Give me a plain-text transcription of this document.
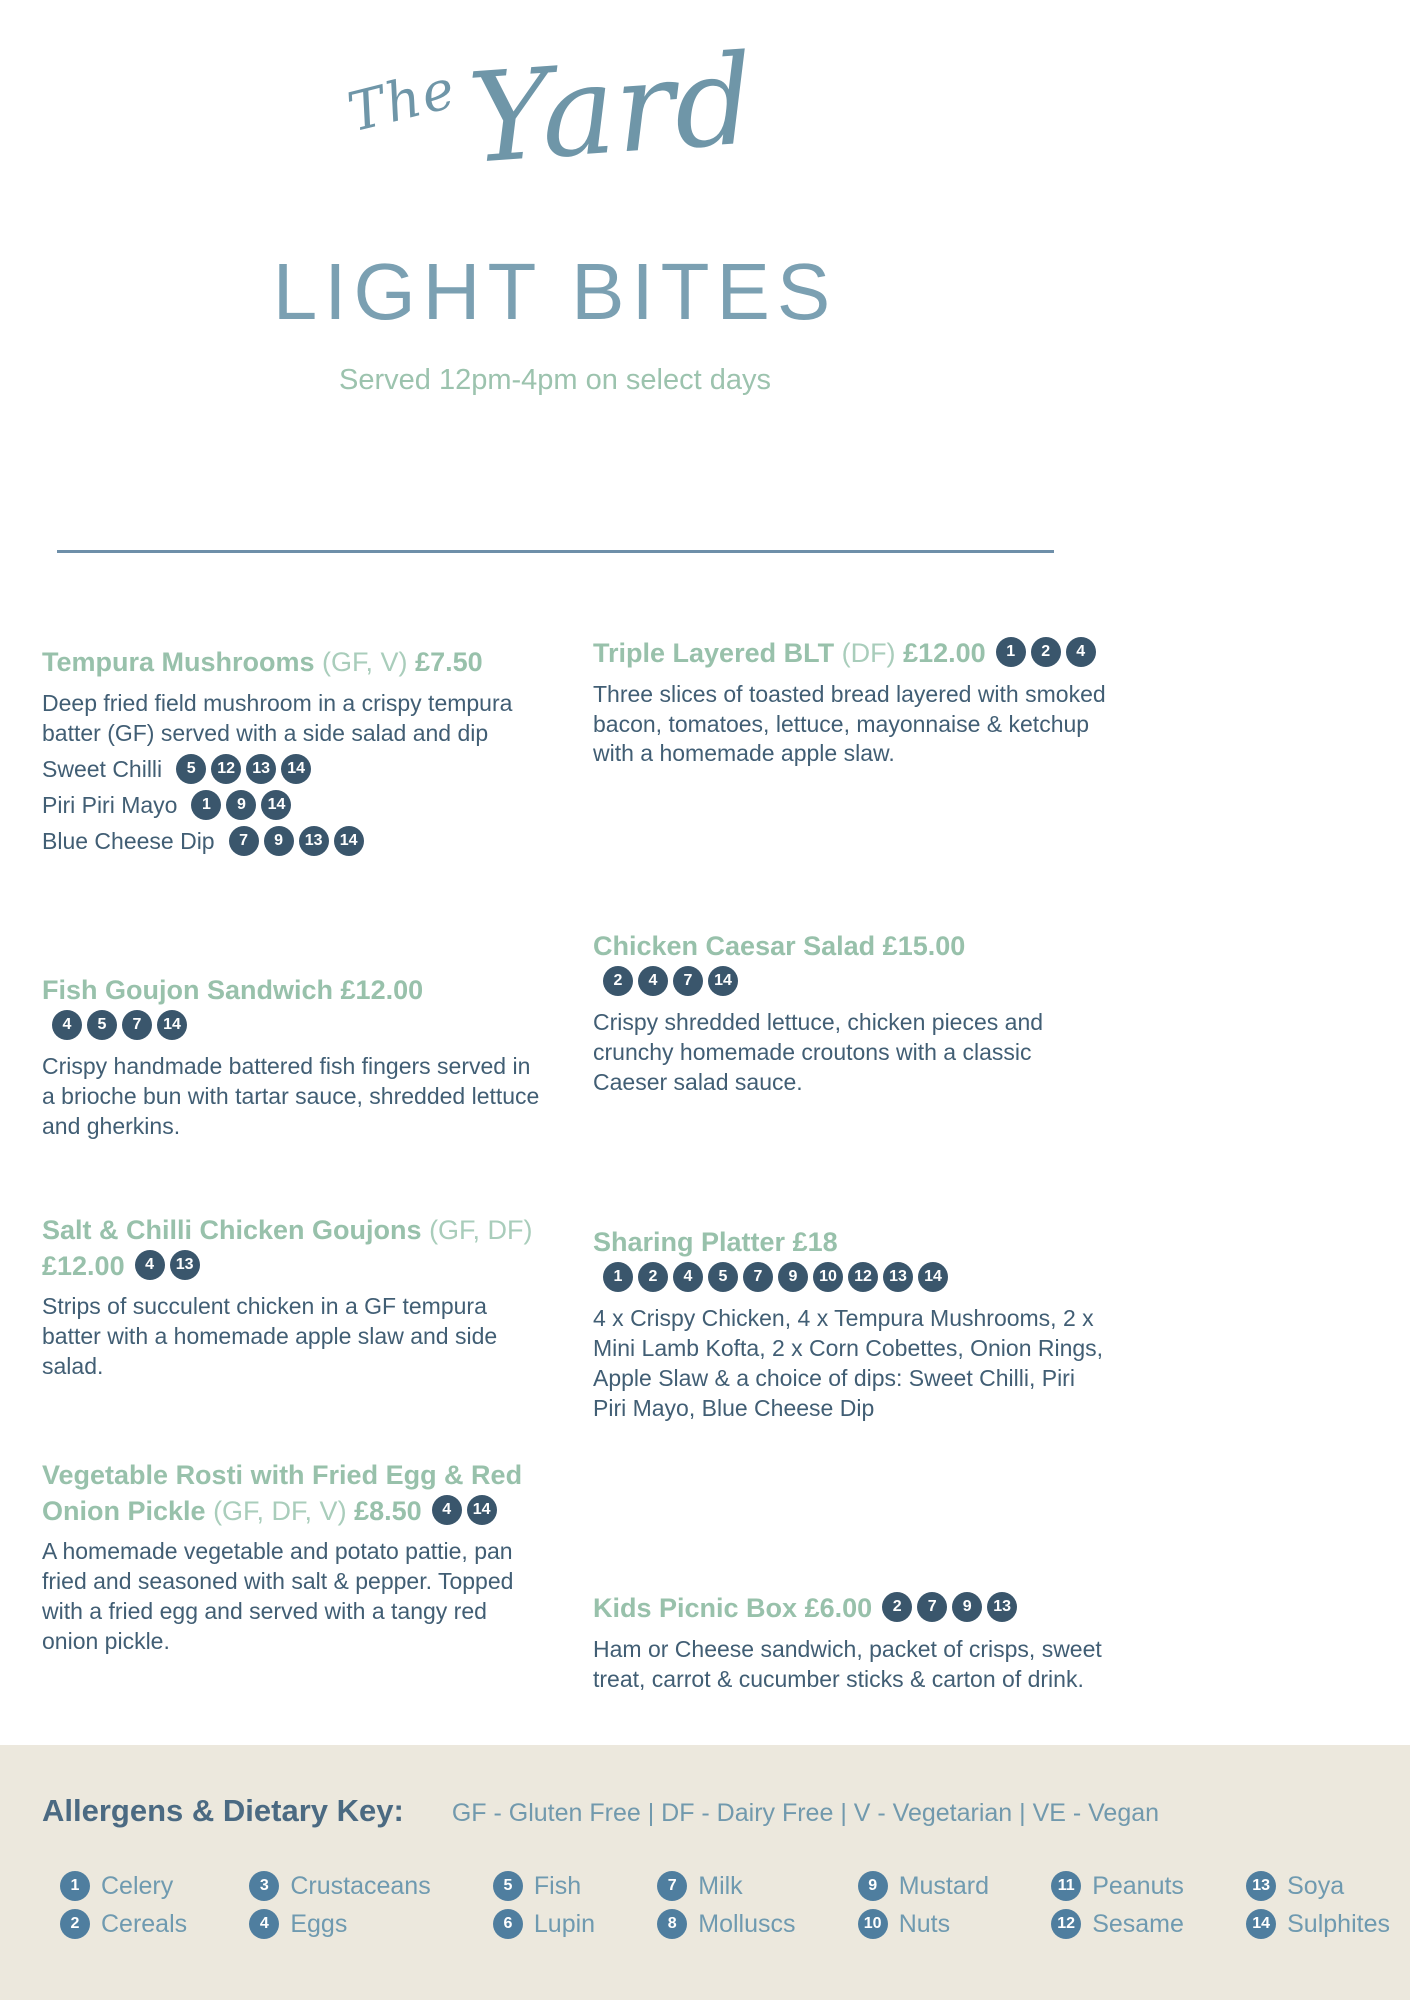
TheYard
LIGHT BITES

Served 12pm-4pm on select days

Tempura Mushrooms (GF, V) £7.50

Deep fried field mushroom in a crispy tempura batter (GF) served with a side salad and dip

Sweet Chilli	5	12	13	14
Piri Piri Mayo	1	9	14
Blue Cheese Dip	7	9	13	14
Fish Goujon Sandwich £12.00
4	5	7	14

Crispy handmade battered fish fingers served in a brioche bun with tartar sauce, shredded lettuce and gherkins.

Salt & Chilli Chicken Goujons (GF, DF) £12.00	4	13

Strips of succulent chicken in a GF tempura batter with a homemade apple slaw and side salad.

Vegetable Rosti with Fried Egg & Red Onion Pickle (GF, DF, V) £8.50	4	14

A homemade vegetable and potato pattie, pan fried and seasoned with salt & pepper. Topped with a fried egg and served with a tangy red onion pickle.

Triple Layered BLT (DF) £12.00	1	2	4

Three slices of toasted bread layered with smoked bacon, tomatoes, lettuce, mayonnaise & ketchup with a homemade apple slaw.

Chicken Caesar Salad £15.00
2	4	7	14

Crispy shredded lettuce, chicken pieces and crunchy homemade croutons with a classic Caeser salad sauce.

Sharing Platter £18
1	2	4	5	7	9	10	12	13	14

4 x Crispy Chicken, 4 x Tempura Mushrooms, 2 x Mini Lamb Kofta, 2 x Corn Cobettes, Onion Rings, Apple Slaw & a choice of dips: Sweet Chilli, Piri Piri Mayo, Blue Cheese Dip

Kids Picnic Box £6.00	2	7	9	13

Ham or Cheese sandwich, packet of crisps, sweet treat, carrot & cucumber sticks & carton of drink.

Allergens & Dietary Key: GF - Gluten Free | DF - Dairy Free | V - Vegetarian | VE - Vegan
1 Celery
2 Cereals
3 Crustaceans
4 Eggs
5 Fish
6 Lupin
7 Milk
8 Molluscs
9 Mustard
10 Nuts
11 Peanuts
12 Sesame
13 Soya
14 Sulphites
